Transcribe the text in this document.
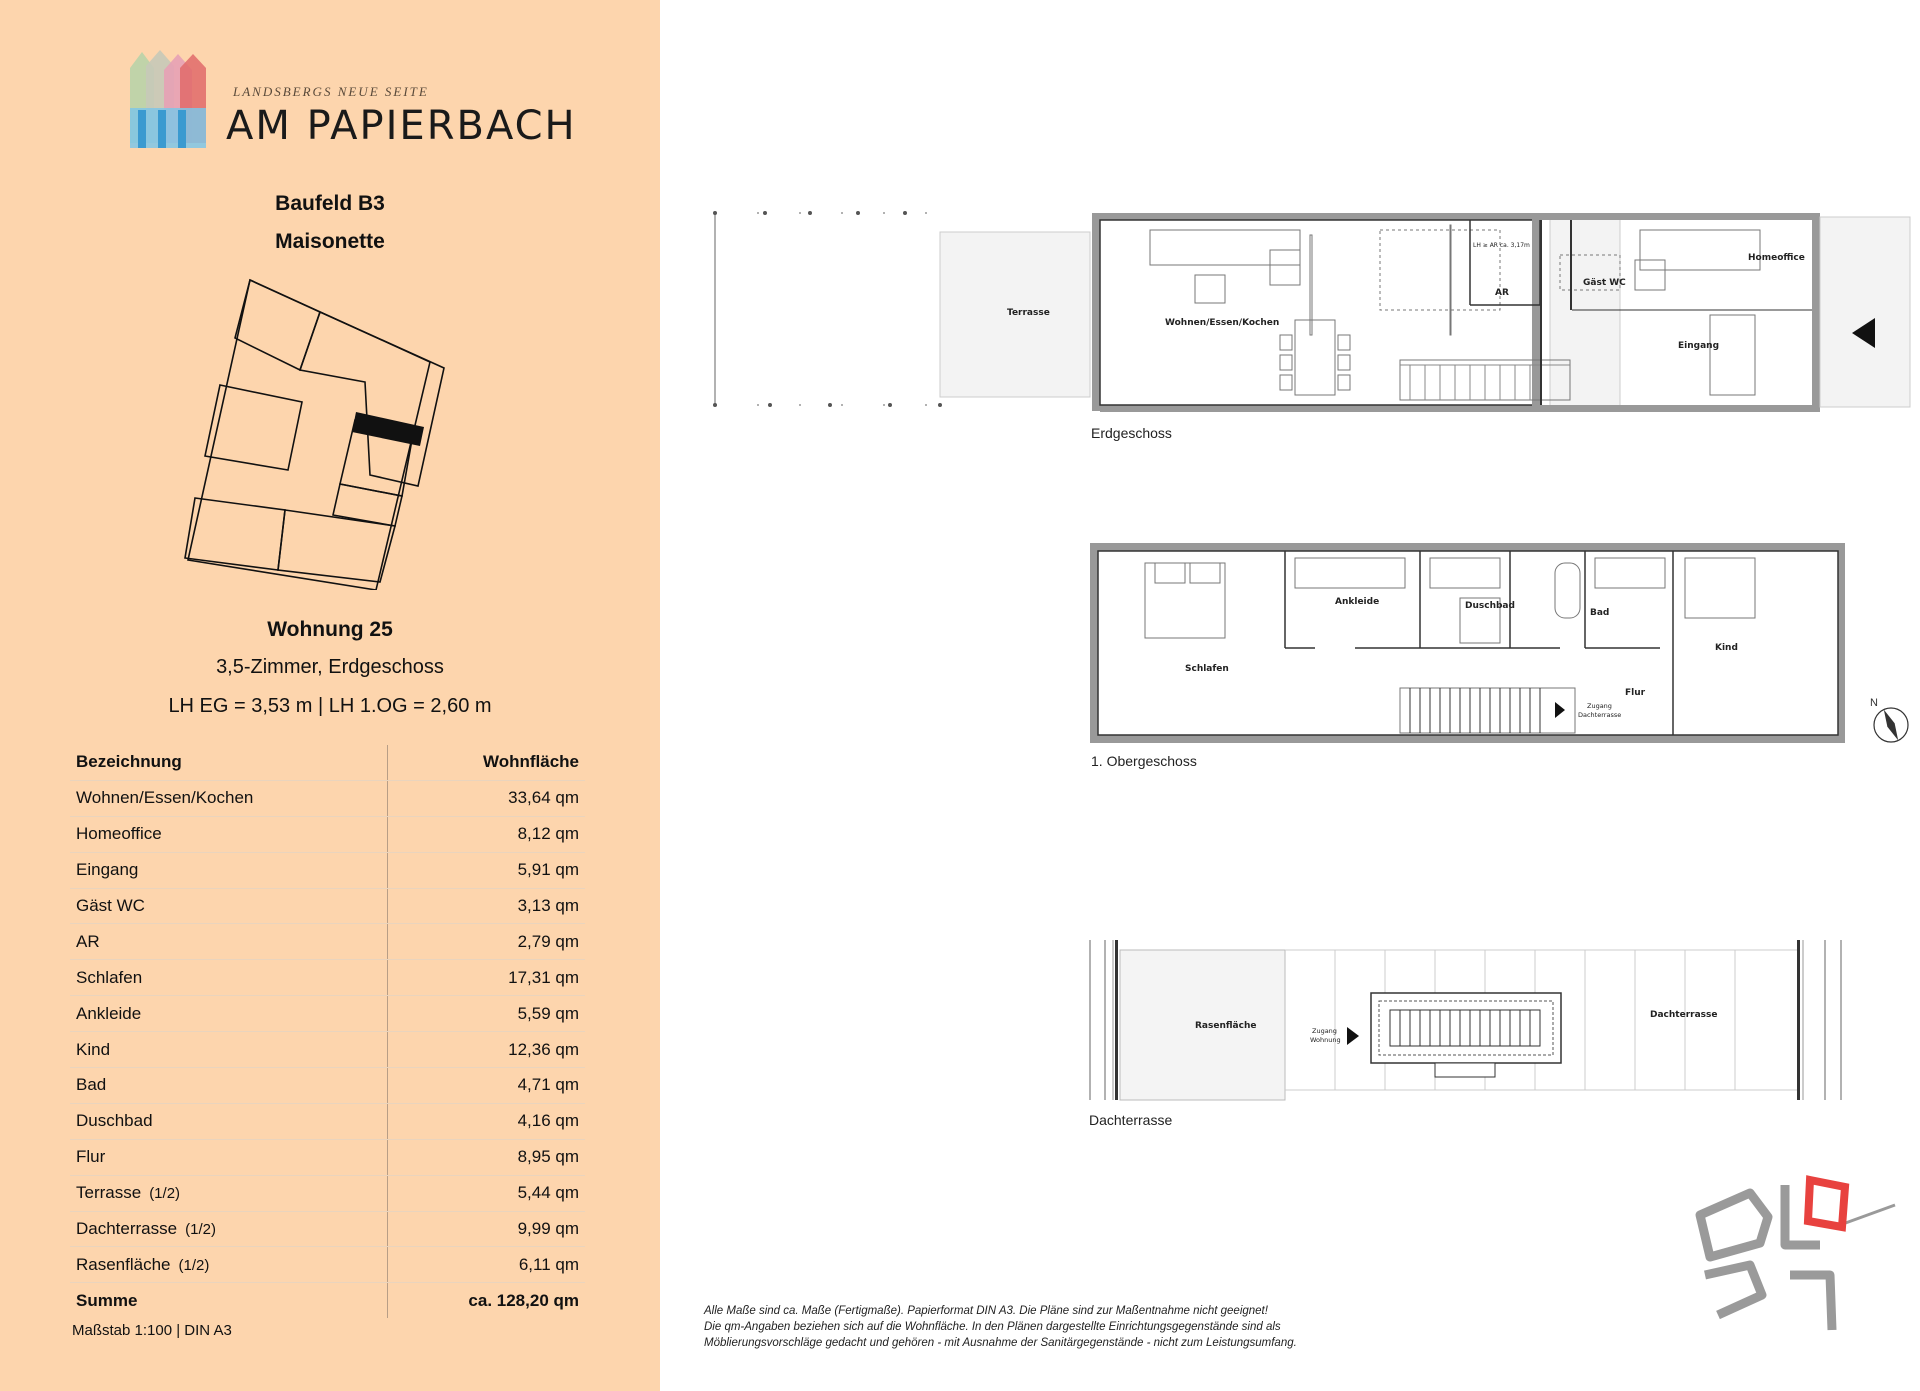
LANDSBERGS NEUE SEITE
AM PAPIERBACH
Baufeld B3
Maisonette
Wohnung 25
3,5-Zimmer, Erdgeschoss
LH EG = 3,53 m | LH 1.OG = 2,60 m
Bezeichnung	Wohnfläche
Wohnen/Essen/Kochen	33,64 qm
Homeoffice	8,12 qm
Eingang	5,91 qm
Gäst WC	3,13 qm
AR	2,79 qm
Schlafen	17,31 qm
Ankleide	5,59 qm
Kind	12,36 qm
Bad	4,71 qm
Duschbad	4,16 qm
Flur	8,95 qm
Terrasse (1/2)	5,44 qm
Dachterrasse (1/2)	9,99 qm
Rasenfläche (1/2)	6,11 qm
Summe	ca. 128,20 qm
Maßstab 1:100 | DIN A3
Terrasse
Wohnen/Essen/Kochen
AR
LH ≥ AR ca. 3,17m
Gäst WC
Homeoffice
Eingang
Erdgeschoss
Schlafen
Ankleide	Duschbad
Bad
Kind
Flur
Zugang
Dachterrasse
1. Obergeschoss
N
Rasenfläche
Dachterrasse
Zugang
Wohnung
Dachterrasse
Alle Maße sind ca. Maße (Fertigmaße). Papierformat DIN A3. Die Pläne sind zur Maßentnahme nicht geeignet!
Die qm-Angaben beziehen sich auf die Wohnfläche. In den Plänen dargestellte Einrichtungsgegenstände sind als
Möblierungsvorschläge gedacht und gehören - mit Ausnahme der Sanitärgegenstände - nicht zum Leistungsumfang.
